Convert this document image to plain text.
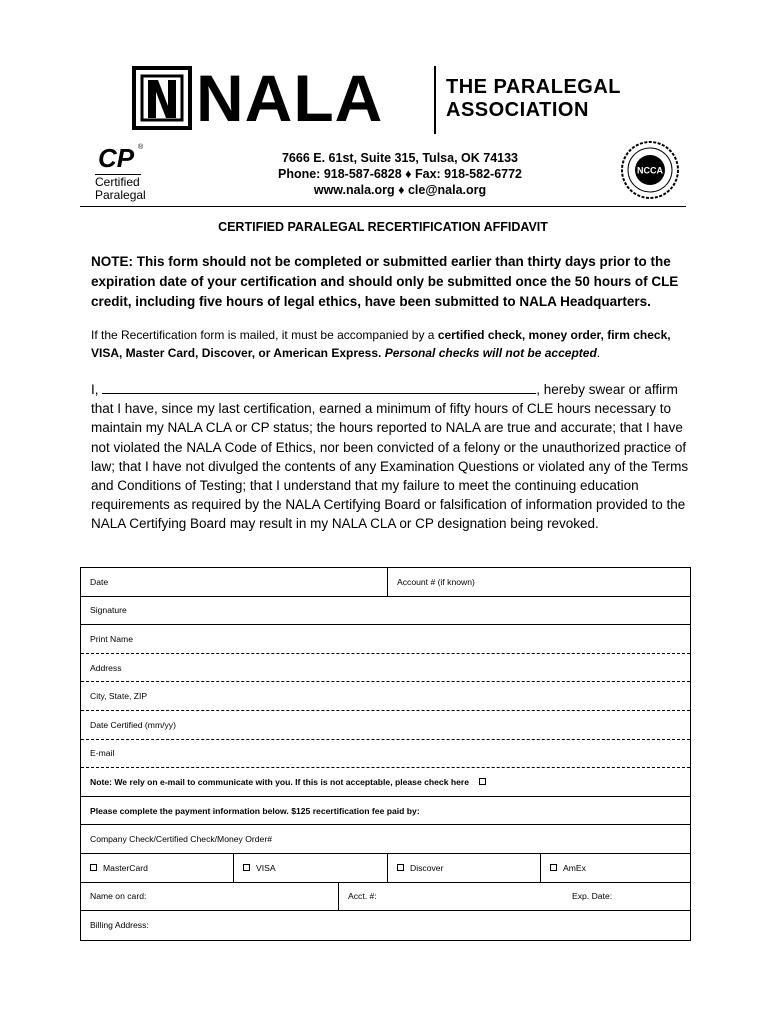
NALA	THE PARALEGAL
ASSOCIATION
CP ®
Certified
Paralegal
7666 E. 61st, Suite 315, Tulsa, OK 74133
Phone: 918-587-6828 ♦ Fax: 918-582-6772
www.nala.org ♦ cle@nala.org
NCCA
CERTIFIED PARALEGAL RECERTIFICATION AFFIDAVIT
NOTE: This form should not be completed or submitted earlier than thirty days prior to the expiration date of your certification and should only be submitted once the 50 hours of CLE credit, including five hours of legal ethics, have been submitted to NALA Headquarters.
If the Recertification form is mailed, it must be accompanied by a certified check, money order, firm check, VISA, Master Card, Discover, or American Express. Personal checks will not be accepted.
I,	, hereby swear or affirm that I have, since my last certification, earned a minimum of fifty hours of CLE hours necessary to maintain my NALA CLA or CP status; the hours reported to NALA are true and accurate; that I have not violated the NALA Code of Ethics, nor been convicted of a felony or the unauthorized practice of law; that I have not divulged the contents of any Examination Questions or violated any of the Terms and Conditions of Testing; that I understand that my failure to meet the continuing education requirements as required by the NALA Certifying Board or falsification of information provided to the NALA Certifying Board may result in my NALA CLA or CP designation being revoked.
Date	Account # (if known)
Signature
Print Name
Address
City, State, ZIP
Date Certified (mm/yy)
E-mail
Note: We rely on e-mail to communicate with you. If this is not acceptable, please check here
Please complete the payment information below. $125 recertification fee paid by:
Company Check/Certified Check/Money Order#
MasterCard	VISA	Discover	AmEx
Name on card:	Acct. #:	Exp. Date:
Billing Address:
